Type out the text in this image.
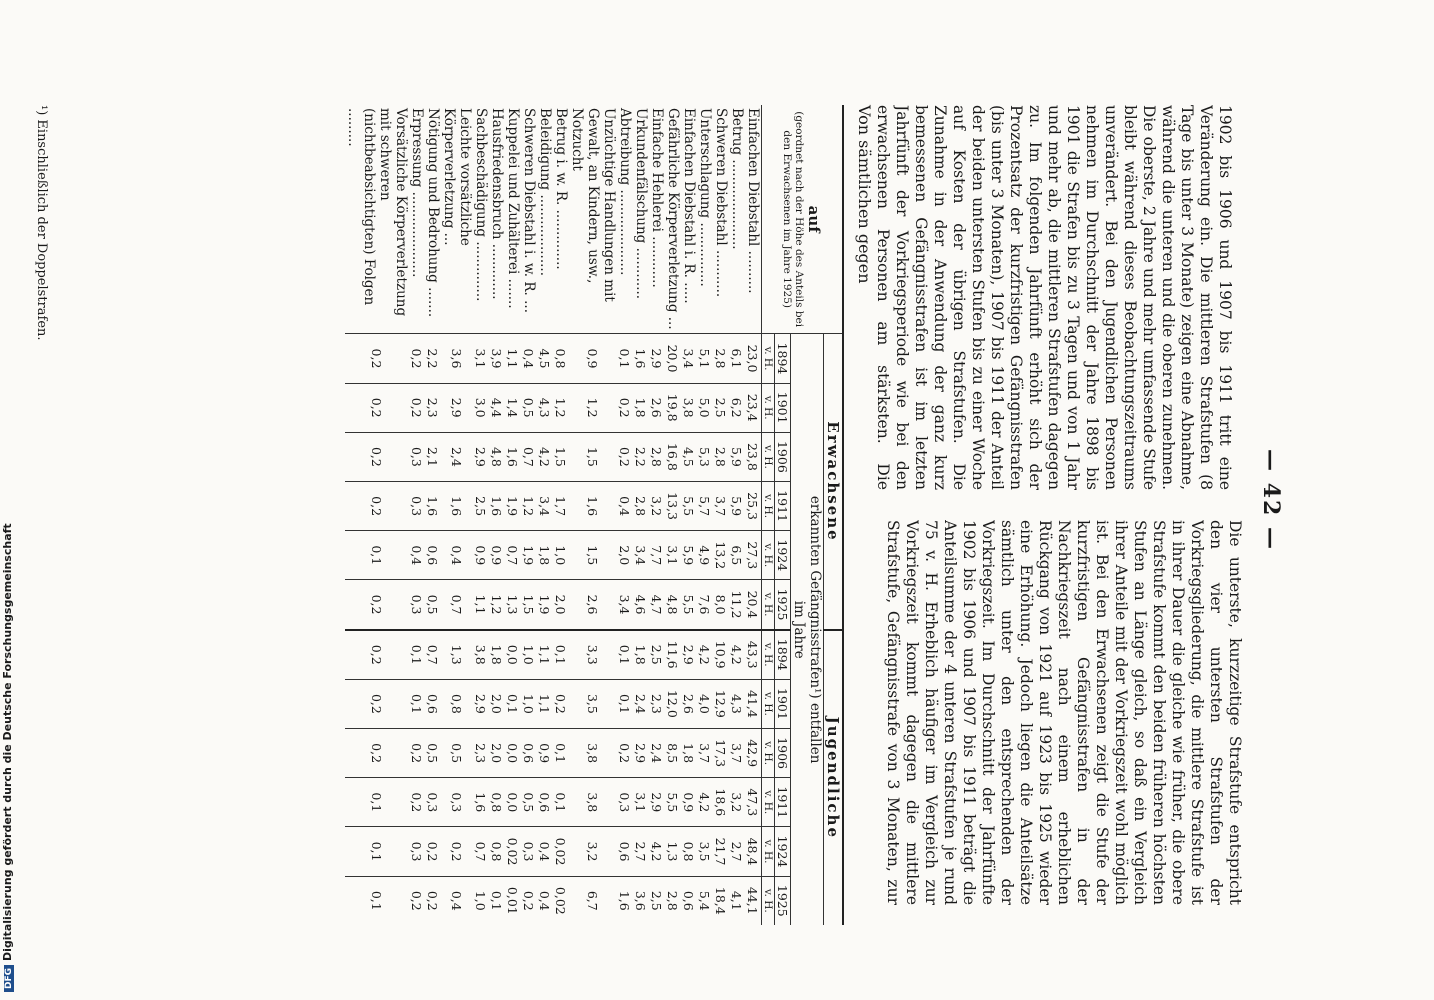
— 42 —
Die unterste, kurzzeitige Strafstufe entspricht den vier untersten Strafstufen der Vorkriegsgliederung, die mittlere Strafstufe ist in ihrer Dauer die gleiche wie früher, die obere Strafstufe kommt den beiden früheren höchsten Stufen an Länge gleich, so daß ein Vergleich ihrer Anteile mit der Vorkriegszeit wohl möglich ist. Bei den Erwachsenen zeigt die Stufe der kurzfristigen Gefängnisstrafen in der Nachkriegszeit nach einem erheblichen Rückgang von 1921 auf 1923 bis 1925 wieder eine Erhöhung. Jedoch liegen die Anteilsätze sämtlich unter den entsprechenden der Vorkriegszeit. Im Durchschnitt der Jahrfünfte 1902 bis 1906 und 1907 bis 1911 beträgt die Anteilsumme der 4 unteren Strafstufen je rund 75 v. H. Erheblich häufiger im Vergleich zur Vorkriegszeit kommt dagegen die mittlere Strafstufe, Gefängnisstrafe von 3 Monaten, zur
1902 bis 1906 und 1907 bis 1911 tritt eine Veränderung ein. Die mittleren Strafstufen (8 Tage bis unter 3 Monate) zeigen eine Abnahme, während die unteren und die oberen zunehmen. Die oberste, 2 Jahre und mehr umfassende Stufe bleibt während dieses Beobachtungszeitraums unverändert. Bei den Jugendlichen Personen nehmen im Durchschnitt der Jahre 1898 bis 1901 die Strafen bis zu 3 Tagen und von 1 Jahr und mehr ab, die mittleren Strafstufen dagegen zu. Im folgenden Jahrfünft erhöht sich der Prozentsatz der kurzfristigen Gefängnisstrafen (bis unter 3 Monaten), 1907 bis 1911 der Anteil der beiden untersten Stufen bis zu einer Woche auf Kosten der übrigen Strafstufen. Die Zunahme in der Anwendung der ganz kurz bemessenen Gefängnisstrafen ist im letzten Jahrfünft der Vorkriegsperiode wie bei den erwachsenen Personen am stärksten. Die
Von sämtlichen gegen
auf
(geordnet nach der Höhe des Anteils bei den Erwachsenen im Jahre 1925)	Erwachsene						Jugendliche					

	erkannten Gefängnisstrafen¹) entfallen
im Jahre											

	1894	1901	1906	1911	1924	1925	1894	1901	1906	1911	1924	1925
	v. H.	v. H.	v. H.	v. H.	v. H.	v. H.	v. H.	v. H.	v. H.	v. H.	v. H.	v. H.
Einfachen Diebstahl ..........	23,0	23,4	23,8	25,3	27,3	20,4	43,3	41,4	42,9	47,3	48,4	44,1
Betrug .....................	6,1	6,2	5,9	5,9	6,5	11,2	4,2	4,3	3,7	3,2	2,7	4,1
Schweren Diebstahl ...........	2,8	2,5	2,8	3,7	13,2	8,0	10,9	12,9	17,3	18,6	21,7	18,4
Unterschlagung ...............	5,1	5,0	5,3	5,7	4,9	7,6	4,2	4,0	3,7	4,2	3,5	5,4
Einfachen Diebstahl i. R. .....	3,4	3,8	4,5	5,5	5,9	5,5	2,9	2,6	1,8	0,9	0,8	0,6
Gefährliche Körperverletzung ...	20,0	19,8	16,8	13,3	3,1	4,8	11,6	12,0	8,5	5,5	1,3	2,8
Einfache Hehlerei ............	2,9	2,6	2,8	3,2	7,7	4,7	2,5	2,3	2,4	2,9	4,2	2,5
Urkundenfälschung ............	1,6	1,8	2,2	2,8	3,4	4,6	1,8	2,4	2,9	3,1	2,7	3,6
Abtreibung ....................	0,1	0,2	0,2	0,4	2,0	3,4	0,1	0,1	0,2	0,3	0,6	1,6
Unzüchtige Handlungen mit Gewalt, an Kindern, usw., Notzucht	0,9	1,2	1,5	1,6	1,5	2,6	3,3	3,5	3,8	3,8	3,2	6,7
Betrug i. w. R. ..............	0,8	1,2	1,5	1,7	1,0	2,0	0,1	0,2	0,1	0,1	0,02	0,02
Beleidigung ...................	4,5	4,3	4,2	3,4	1,8	1,9	1,1	1,1	0,9	0,6	0,4	0,4
Schweren Diebstahl i. w. R. ...	0,4	0,5	0,7	1,2	1,9	1,5	1,0	1,0	0,6	0,5	0,3	0,2
Kuppelei und Zuhälterei .......	1,1	1,4	1,6	1,9	0,7	1,3	0,0	0,1	0,0	0,0	0,02	0,01
Hausfriedensbruch .............	3,9	4,4	4,8	1,6	0,9	1,2	1,8	2,0	2,0	0,8	0,8	0,1
Sachbeschädigung ..............	3,1	3,0	2,9	2,5	0,9	1,1	3,8	2,9	2,3	1,6	0,7	1,0
Leichte vorsätzliche Körperverletzung ...	3,6	2,9	2,4	1,6	0,4	0,7	1,3	0,8	0,5	0,3	0,2	0,4
Nötigung und Bedrohung .......	2,2	2,3	2,1	1,6	0,6	0,5	0,7	0,6	0,5	0,3	0,2	0,2
Erpressung ....................	0,2	0,2	0,3	0,3	0,4	0,3	0,1	0,1	0,2	0,2	0,3	0,2
Vorsätzliche Körperverletzung mit schweren (nichtbeabsichtigten) Folgen .........	0,2	0,2	0,2	0,2	0,1	0,2	0,2	0,2	0,2	0,1	0,1	0,1
¹) Einschließlich der Doppelstrafen.
DFGDigitalisierung gefördert durch die Deutsche Forschungsgemeinschaft
